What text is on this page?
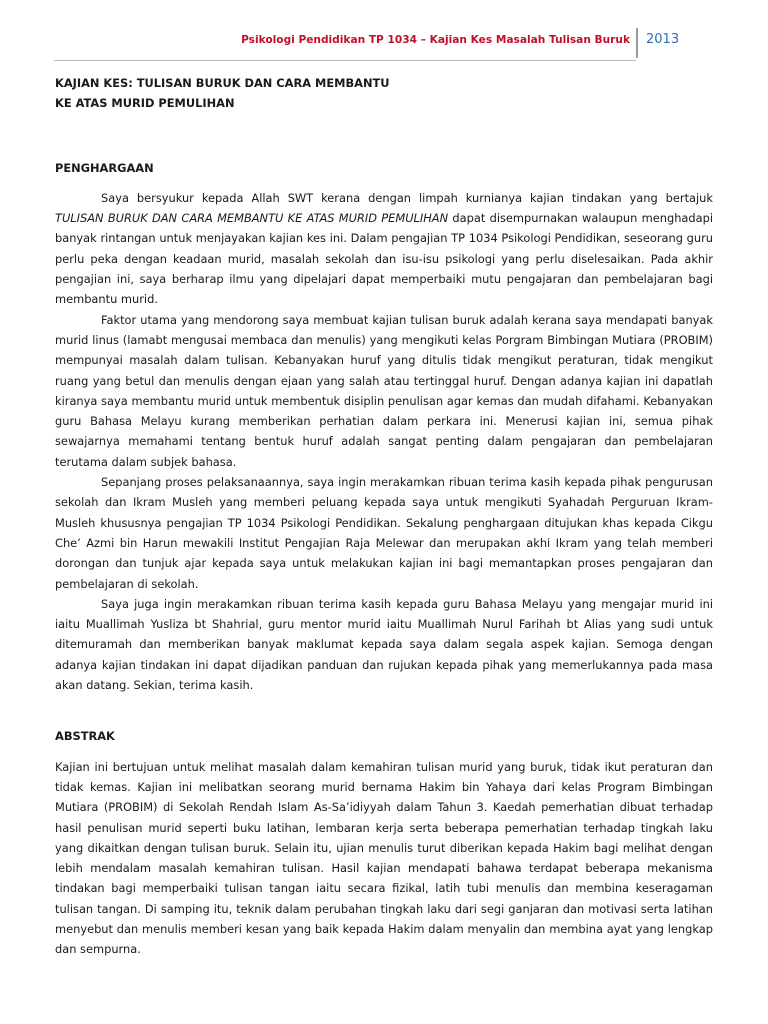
Psikologi Pendidikan TP 1034 – Kajian Kes Masalah Tulisan Buruk 2013

KAJIAN KES: TULISAN BURUK DAN CARA MEMBANTU

KE ATAS MURID PEMULIHAN

PENGHARGAAN

Saya bersyukur kepada Allah SWT kerana dengan limpah kurnianya kajian tindakan yang bertajuk TULISAN BURUK DAN CARA MEMBANTU KE ATAS MURID PEMULIHAN dapat disempurnakan walaupun menghadapi banyak rintangan untuk menjayakan kajian kes ini. Dalam pengajian TP 1034 Psikologi Pendidikan, seseorang guru perlu peka dengan keadaan murid, masalah sekolah dan isu-isu psikologi yang perlu diselesaikan. Pada akhir pengajian ini, saya berharap ilmu yang dipelajari dapat memperbaiki mutu pengajaran dan pembelajaran bagi membantu murid.

Faktor utama yang mendorong saya membuat kajian tulisan buruk adalah kerana saya mendapati banyak murid linus (lamabt mengusai membaca dan menulis) yang mengikuti kelas Porgram Bimbingan Mutiara (PROBIM) mempunyai masalah dalam tulisan. Kebanyakan huruf yang ditulis tidak mengikut peraturan, tidak mengikut ruang yang betul dan menulis dengan ejaan yang salah atau tertinggal huruf. Dengan adanya kajian ini dapatlah kiranya saya membantu murid untuk membentuk disiplin penulisan agar kemas dan mudah difahami. Kebanyakan guru Bahasa Melayu kurang memberikan perhatian dalam perkara ini. Menerusi kajian ini, semua pihak sewajarnya memahami tentang bentuk huruf adalah sangat penting dalam pengajaran dan pembelajaran terutama dalam subjek bahasa.

Sepanjang proses pelaksanaannya, saya ingin merakamkan ribuan terima kasih kepada pihak pengurusan sekolah dan Ikram Musleh yang memberi peluang kepada saya untuk mengikuti Syahadah Perguruan Ikram-Musleh khususnya pengajian TP 1034 Psikologi Pendidikan. Sekalung penghargaan ditujukan khas kepada Cikgu Che’ Azmi bin Harun mewakili Institut Pengajian Raja Melewar dan merupakan akhi Ikram yang telah memberi dorongan dan tunjuk ajar kepada saya untuk melakukan kajian ini bagi memantapkan proses pengajaran dan pembelajaran di sekolah.

Saya juga ingin merakamkan ribuan terima kasih kepada guru Bahasa Melayu yang mengajar murid ini iaitu Muallimah Yusliza bt Shahrial, guru mentor murid iaitu Muallimah Nurul Farihah bt Alias yang sudi untuk ditemuramah dan memberikan banyak maklumat kepada saya dalam segala aspek kajian. Semoga dengan adanya kajian tindakan ini dapat dijadikan panduan dan rujukan kepada pihak yang memerlukannya pada masa akan datang. Sekian, terima kasih.

ABSTRAK

Kajian ini bertujuan untuk melihat masalah dalam kemahiran tulisan murid yang buruk, tidak ikut peraturan dan tidak kemas. Kajian ini melibatkan seorang murid bernama Hakim bin Yahaya dari kelas Program Bimbingan Mutiara (PROBIM) di Sekolah Rendah Islam As-Sa’idiyyah dalam Tahun 3. Kaedah pemerhatian dibuat terhadap hasil penulisan murid seperti buku latihan, lembaran kerja serta beberapa pemerhatian terhadap tingkah laku yang dikaitkan dengan tulisan buruk. Selain itu, ujian menulis turut diberikan kepada Hakim bagi melihat dengan lebih mendalam masalah kemahiran tulisan. Hasil kajian mendapati bahawa terdapat beberapa mekanisma tindakan bagi memperbaiki tulisan tangan iaitu secara fizikal, latih tubi menulis dan membina keseragaman tulisan tangan. Di samping itu, teknik dalam perubahan tingkah laku dari segi ganjaran dan motivasi serta latihan menyebut dan menulis memberi kesan yang baik kepada Hakim dalam menyalin dan membina ayat yang lengkap dan sempurna.
